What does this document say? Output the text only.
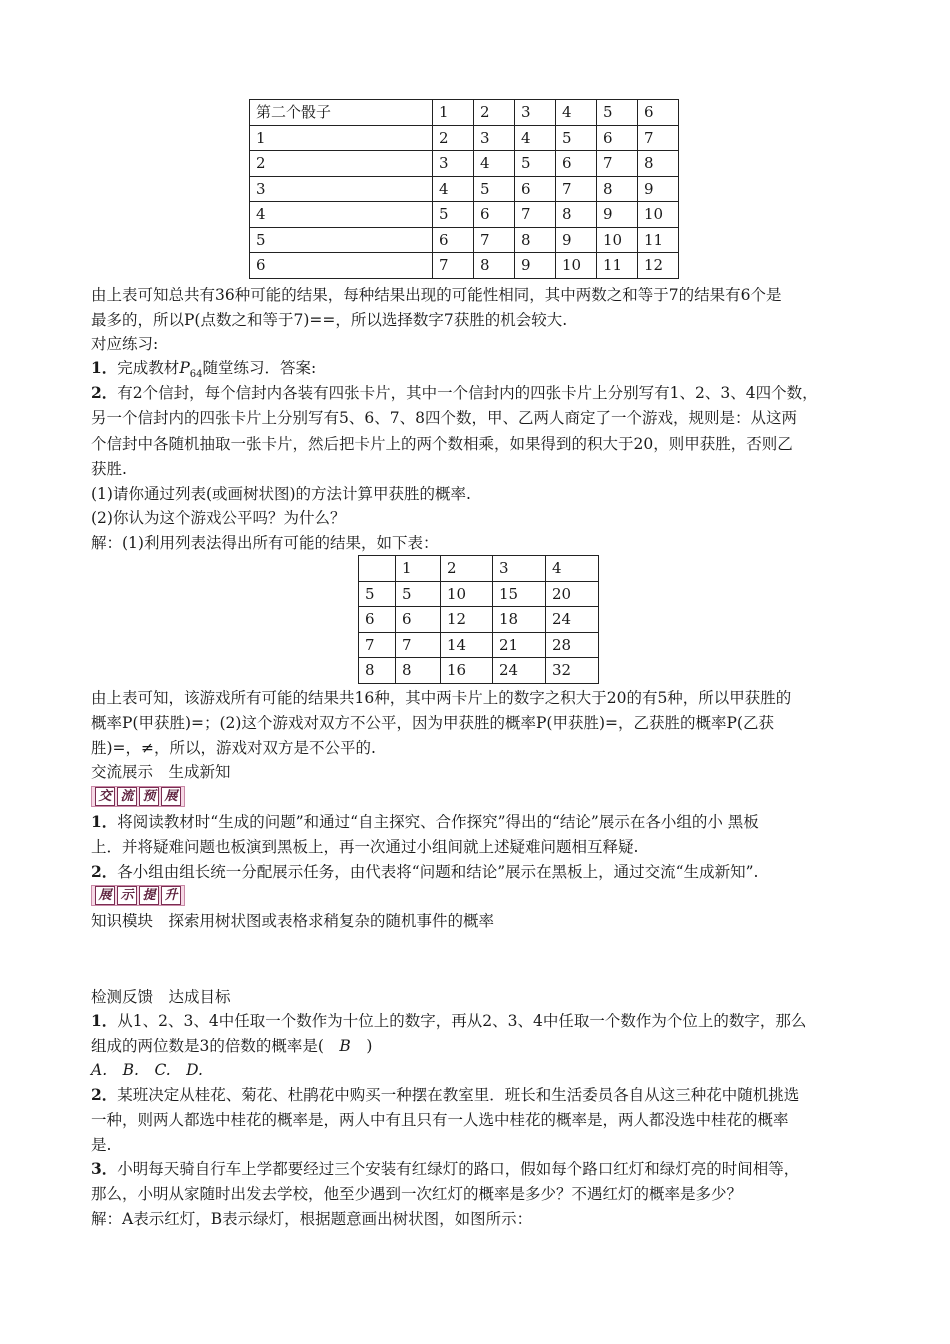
第二个骰子	1	2	3	4	5	6
1	2	3	4	5	6	7
2	3	4	5	6	7	8
3	4	5	6	7	8	9
4	5	6	7	8	9	10
5	6	7	8	9	10	11
6	7	8	9	10	11	12
由上表可知总共有36种可能的结果，每种结果出现的可能性相同，其中两数之和等于7的结果有6个是
最多的，所以P(点数之和等于7)==，所以选择数字7获胜的机会较大.
对应练习:
1．完成教材$P_{64}$随堂练习．答案:
2．有2个信封，每个信封内各装有四张卡片，其中一个信封内的四张卡片上分别写有1、2、3、4四个数，
另一个信封内的四张卡片上分别写有5、6、7、8四个数，甲、乙两人商定了一个游戏，规则是：从这两
个信封中各随机抽取一张卡片，然后把卡片上的两个数相乘，如果得到的积大于20，则甲获胜，否则乙
获胜.
(1)请你通过列表(或画树状图)的方法计算甲获胜的概率.
(2)你认为这个游戏公平吗？为什么？
解：(1)利用列表法得出所有可能的结果，如下表：
	1	2	3	4
5	5	10	15	20
6	6	12	18	24
7	7	14	21	28
8	8	16	24	32
由上表可知，该游戏所有可能的结果共16种，其中两卡片上的数字之积大于20的有5种，所以甲获胜的
概率P(甲获胜)=；(2)这个游戏对双方不公平，因为甲获胜的概率P(甲获胜)=，乙获胜的概率P(乙获
胜)=，≠，所以，游戏对双方是不公平的.
交流展示　生成新知
交 流 预 展
1．将阅读教材时“生成的问题”和通过“自主探究、合作探究”得出的“结论”展示在各小组的小 黑板
上．并将疑难问题也板演到黑板上，再一次通过小组间就上述疑难问题相互释疑.
2．各小组由组长统一分配展示任务，由代表将“问题和结论”展示在黑板上，通过交流“生成新知”.
展 示 提 升
知识模块　探索用树状图或表格求稍复杂的随机事件的概率
检测反馈　达成目标
1．从1、2、3、4中任取一个数作为十位上的数字，再从2、3、4中任取一个数作为个位上的数字，那么
组成的两位数是3的倍数的概率是(　B　)
A.　B.　C.　D.
2．某班决定从桂花、菊花、杜鹃花中购买一种摆在教室里．班长和生活委员各自从这三种花中随机挑选
一种，则两人都选中桂花的概率是，两人中有且只有一人选中桂花的概率是，两人都没选中桂花的概率
是.
3．小明每天骑自行车上学都要经过三个安装有红绿灯的路口，假如每个路口红灯和绿灯亮的时间相等，
那么，小明从家随时出发去学校，他至少遇到一次红灯的概率是多少？不遇红灯的概率是多少？
解：A表示红灯，B表示绿灯，根据题意画出树状图，如图所示：
